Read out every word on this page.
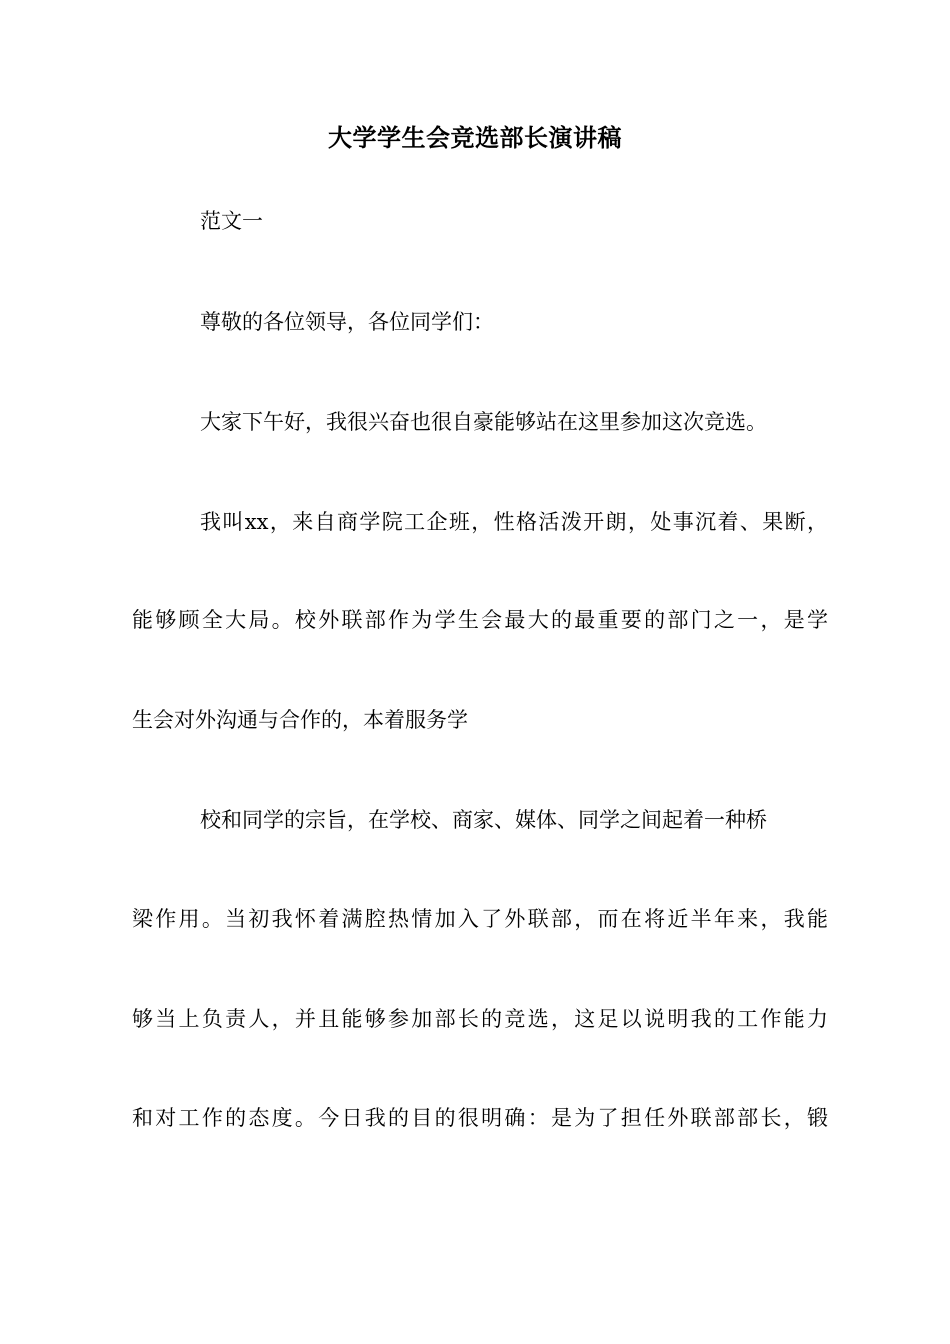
大学学生会竞选部长演讲稿
范文一
尊敬的各位领导，各位同学们：
大家下午好，我很兴奋也很自豪能够站在这里参加这次竞选。
我叫xx，来自商学院工企班，性格活泼开朗，处事沉着、果断，
能够顾全大局。校外联部作为学生会最大的最重要的部门之一，是学
生会对外沟通与合作的，本着服务学
校和同学的宗旨，在学校、商家、媒体、同学之间起着一种桥
梁作用。当初我怀着满腔热情加入了外联部，而在将近半年来，我能
够当上负责人，并且能够参加部长的竞选，这足以说明我的工作能力
和对工作的态度。今日我的目的很明确：是为了担任外联部部长，锻
